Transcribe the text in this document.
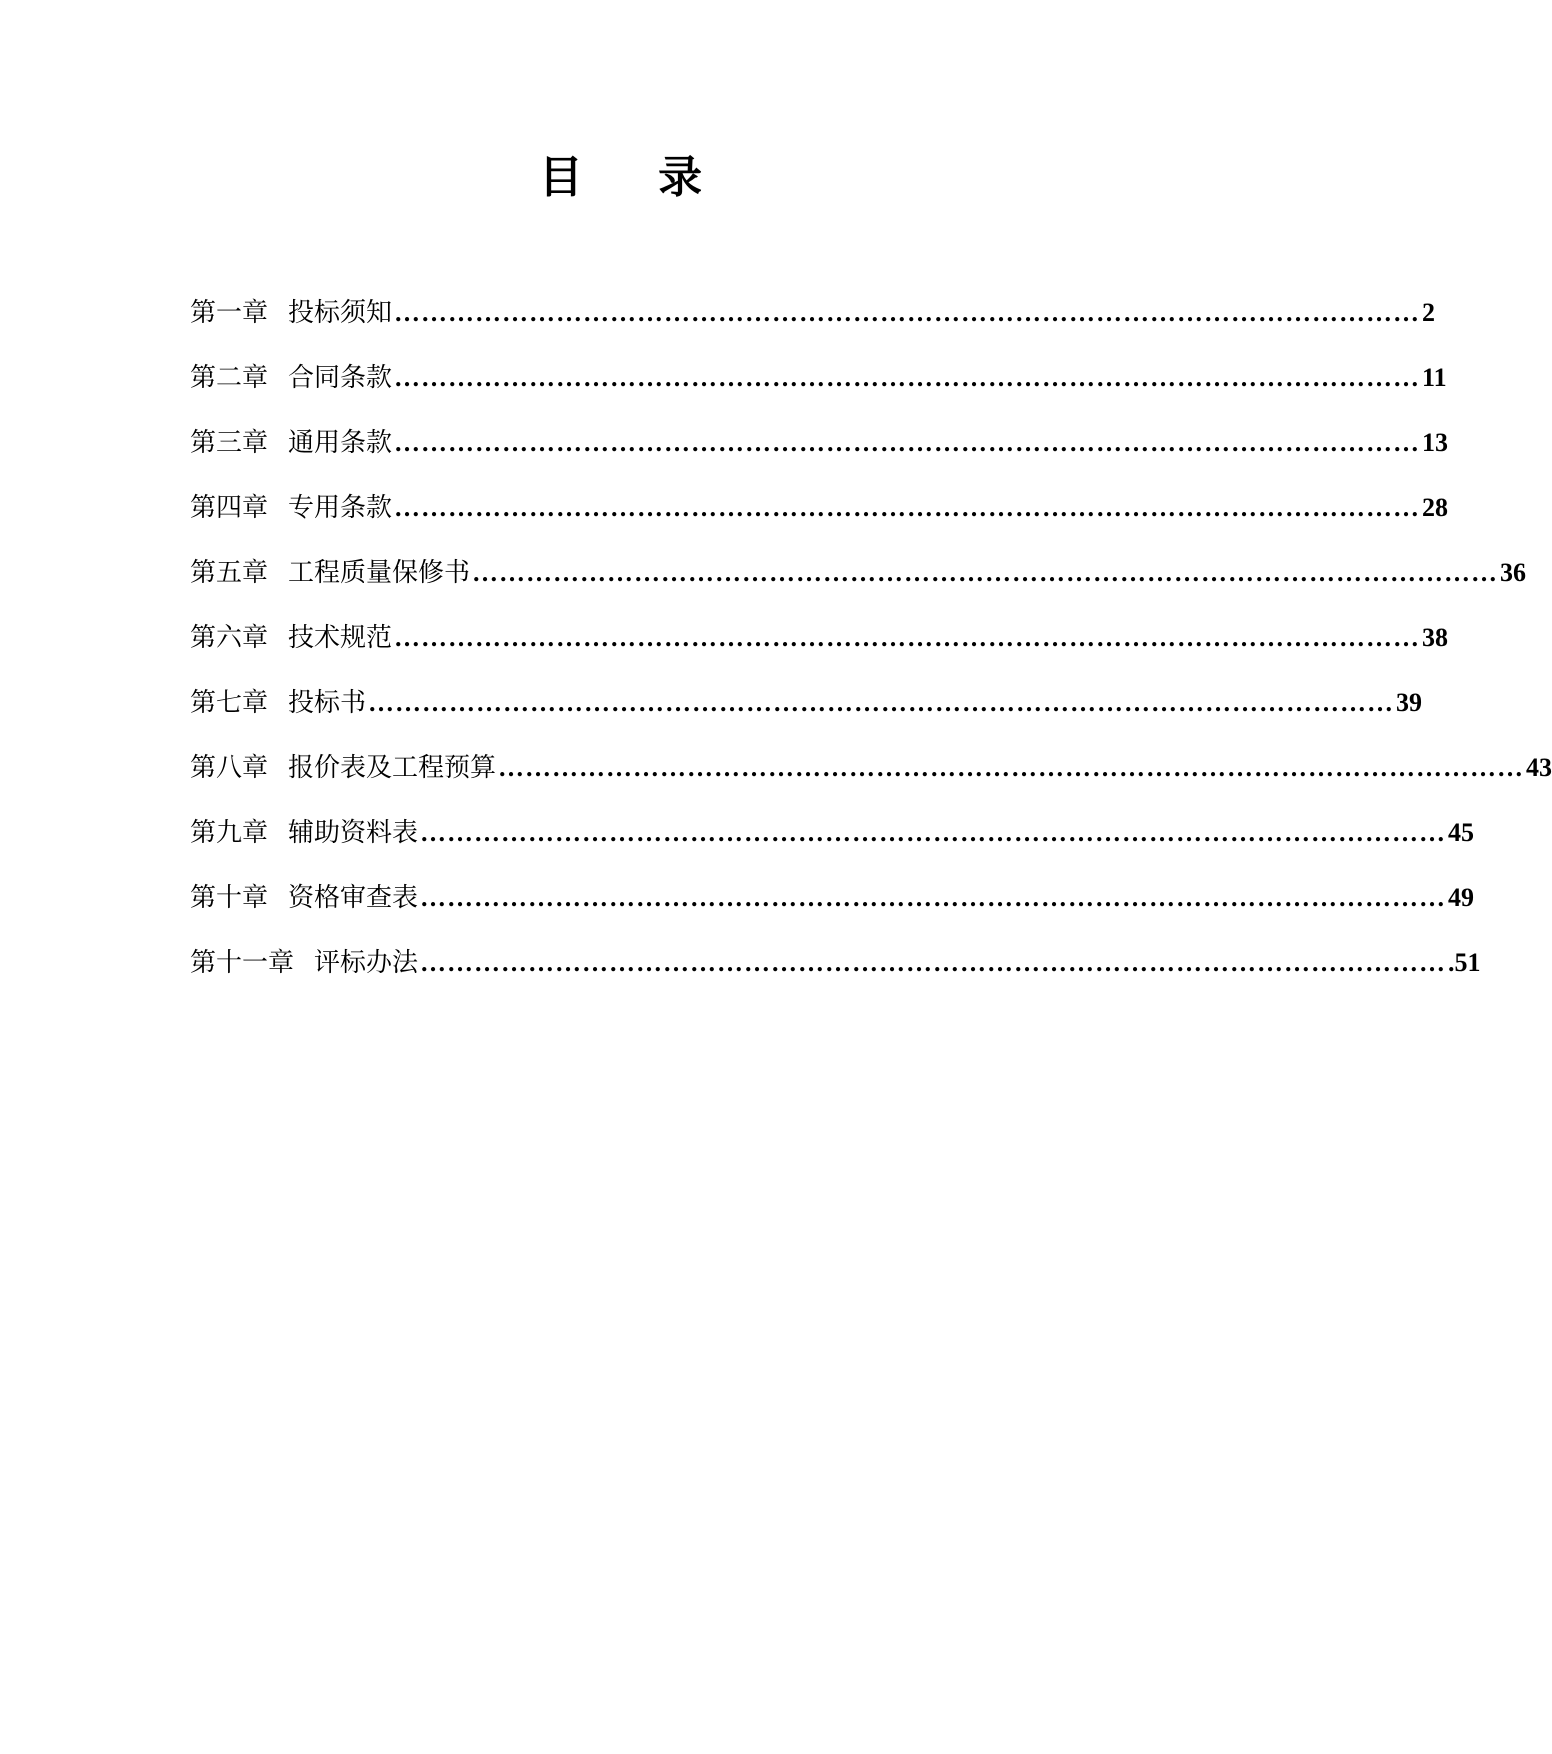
目 录
第一章 投标须知 …………………………………………………………………………………………………… 2
第二章 合同条款 …………………………………………………………………………………………………… 11
第三章 通用条款 …………………………………………………………………………………………………… 13
第四章 专用条款 …………………………………………………………………………………………………… 28
第五章 工程质量保修书 …………………………………………………………………………………………………… 36
第六章 技术规范 …………………………………………………………………………………………………… 38
第七章 投标书 …………………………………………………………………………………………………… 39
第八章 报价表及工程预算 …………………………………………………………………………………………………… 43
第九章 辅助资料表 …………………………………………………………………………………………………… 45
第十章 资格审查表 …………………………………………………………………………………………………… 49
第十一章 评标办法 …………………………………………………………………………………………………… .51
